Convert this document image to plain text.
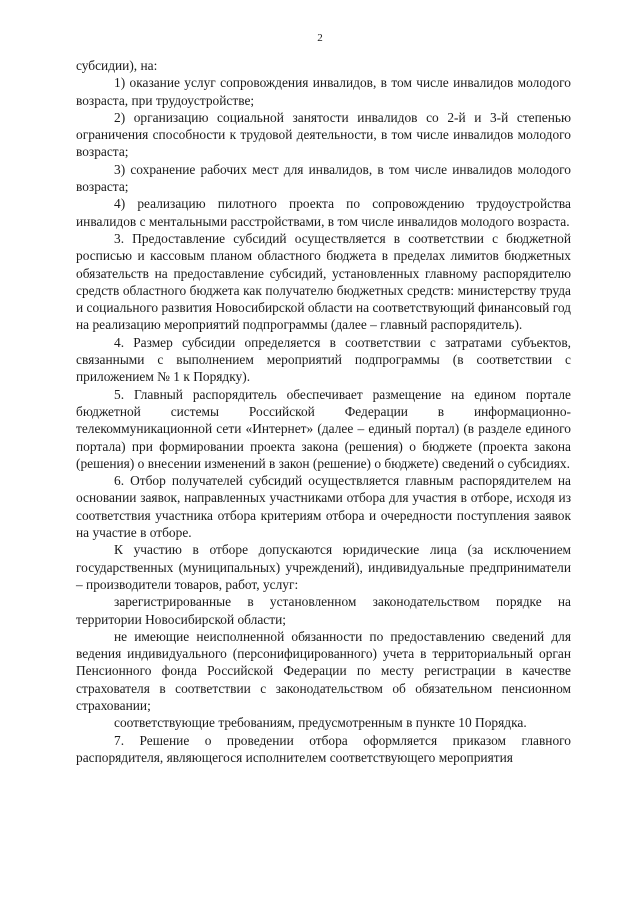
2

субсидии), на:

1) оказание услуг сопровождения инвалидов, в том числе инвалидов молодого возраста, при трудоустройстве;

2) организацию социальной занятости инвалидов со 2-й и 3-й степенью ограничения способности к трудовой деятельности, в том числе инвалидов молодого возраста;

3) сохранение рабочих мест для инвалидов, в том числе инвалидов молодого возраста;

4) реализацию пилотного проекта по сопровождению трудоустройства инвалидов с ментальными расстройствами, в том числе инвалидов молодого возраста.

3. Предоставление субсидий осуществляется в соответствии с бюджетной росписью и кассовым планом областного бюджета в пределах лимитов бюджетных обязательств на предоставление субсидий, установленных главному распорядителю средств областного бюджета как получателю бюджетных средств: министерству труда и социального развития Новосибирской области на соответствующий финансовый год на реализацию мероприятий подпрограммы (далее – главный распорядитель).

4. Размер субсидии определяется в соответствии с затратами субъектов, связанными с выполнением мероприятий подпрограммы (в соответствии с приложением № 1 к Порядку).

5. Главный распорядитель обеспечивает размещение на едином портале бюджетной системы Российской Федерации в информационно-телекоммуникационной сети «Интернет» (далее – единый портал) (в разделе единого портала) при формировании проекта закона (решения) о бюджете (проекта закона (решения) о внесении изменений в закон (решение) о бюджете) сведений о субсидиях.

6. Отбор получателей субсидий осуществляется главным распорядителем на основании заявок, направленных участниками отбора для участия в отборе, исходя из соответствия участника отбора критериям отбора и очередности поступления заявок на участие в отборе.

К участию в отборе допускаются юридические лица (за исключением государственных (муниципальных) учреждений), индивидуальные предприниматели – производители товаров, работ, услуг:

зарегистрированные в установленном законодательством порядке на территории Новосибирской области;

не имеющие неисполненной обязанности по предоставлению сведений для ведения индивидуального (персонифицированного) учета в территориальный орган Пенсионного фонда Российской Федерации по месту регистрации в качестве страхователя в соответствии с законодательством об обязательном пенсионном страховании;

соответствующие требованиям, предусмотренным в пункте 10 Порядка.

7. Решение о проведении отбора оформляется приказом главного распорядителя, являющегося исполнителем соответствующего мероприятия
